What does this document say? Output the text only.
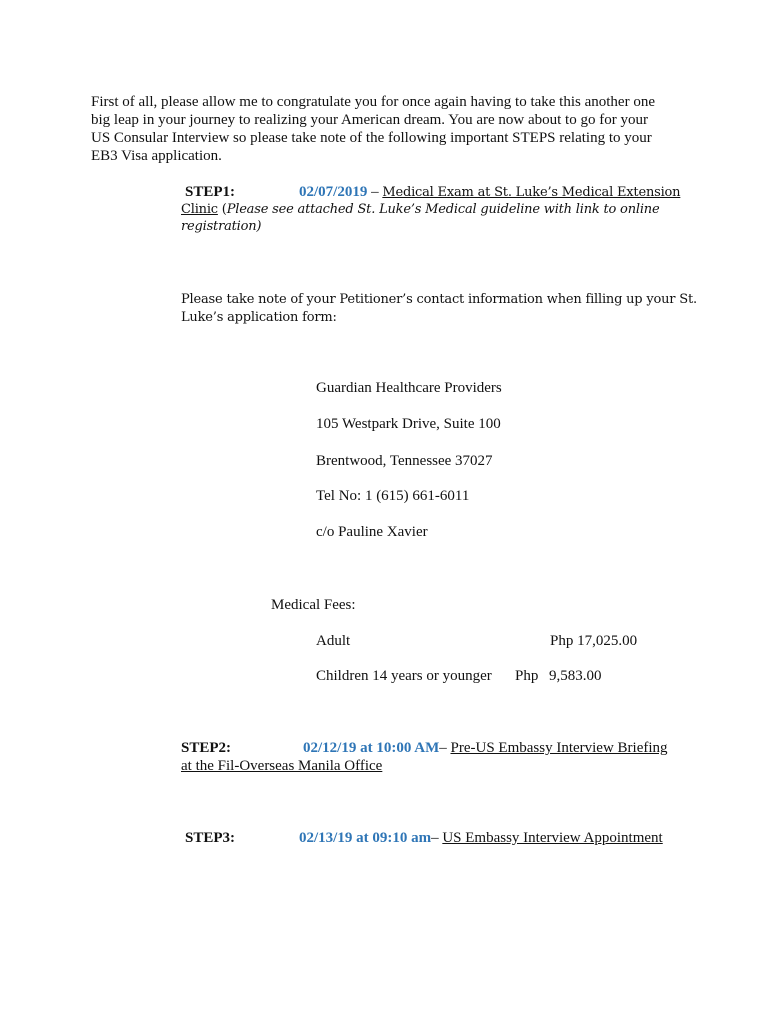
First of all, please allow me to congratulate you for once again having to take this another one
big leap in your journey to realizing your American dream. You are now about to go for your
US Consular Interview so please take note of the following important STEPS relating to your
EB3 Visa application.
STEP1:	02/07/2019 – Medical Exam at St. Luke’s Medical Extension
Clinic (Please see attached St. Luke’s Medical guideline with link to online
registration)
Please take note of your Petitioner’s contact information when filling up your St.
Luke’s application form:
Guardian Healthcare Providers
105 Westpark Drive, Suite 100
Brentwood, Tennessee 37027
Tel No: 1 (615) 661-6011
c/o Pauline Xavier
Medical Fees:
Adult	Php 17,025.00
Children 14 years or younger Php 9,583.00
STEP2:	02/12/19 at 10:00 AM– Pre-US Embassy Interview Briefing
at the Fil-Overseas Manila Office
STEP3:	02/13/19 at 09:10 am– US Embassy Interview Appointment
